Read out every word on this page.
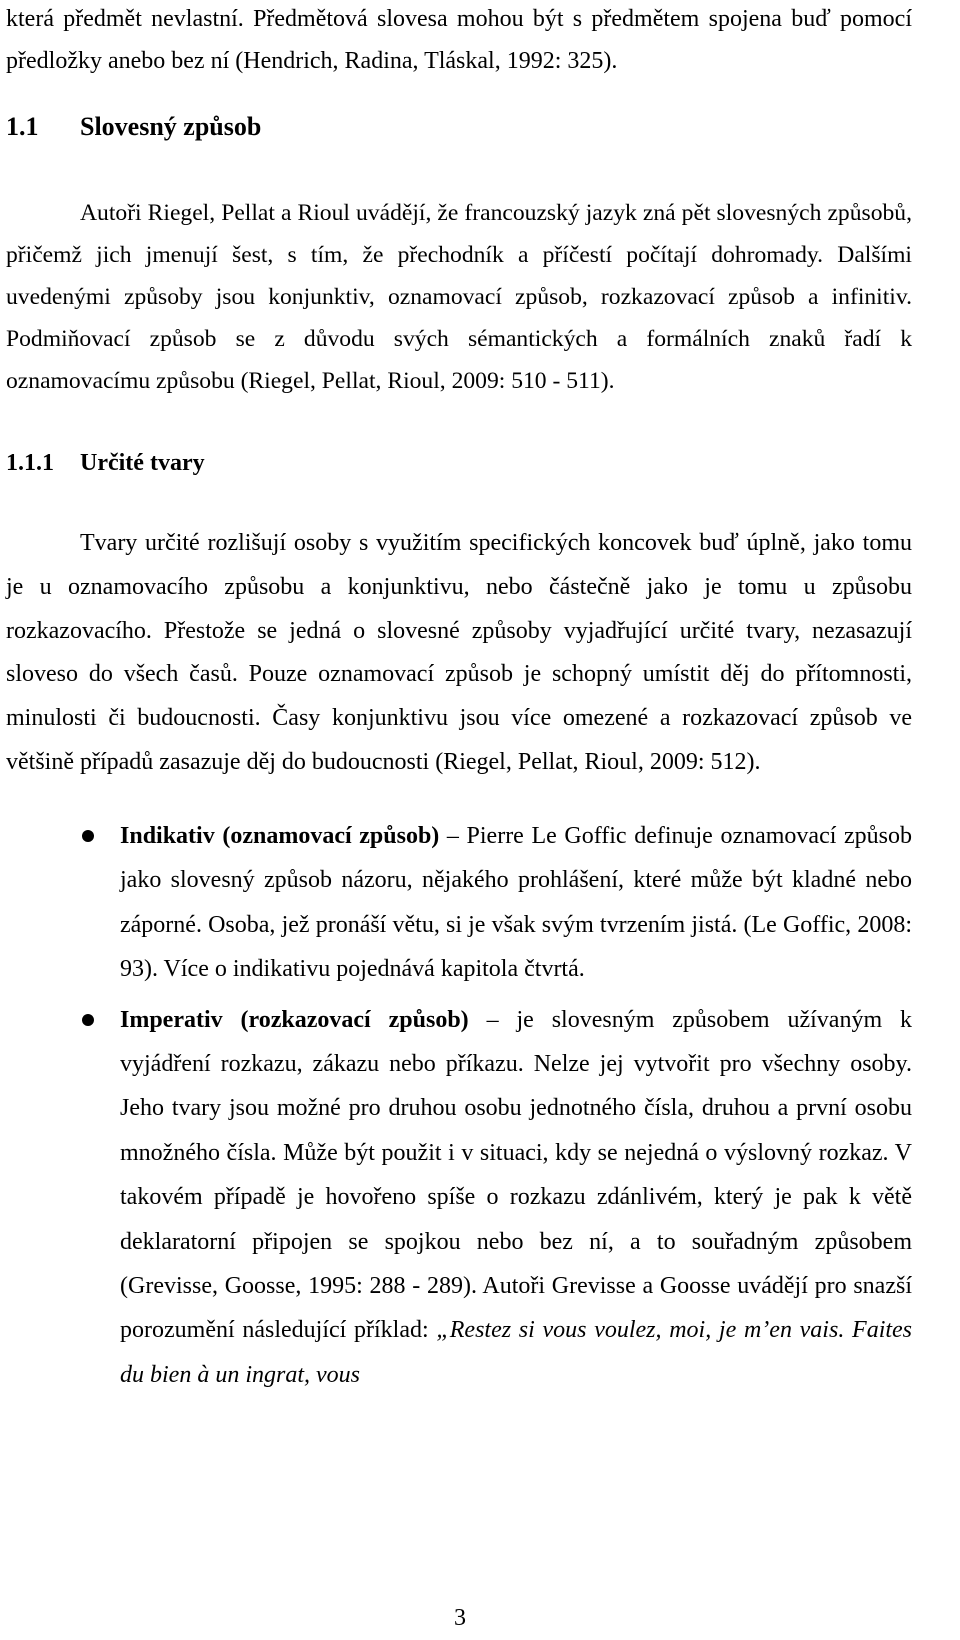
která předmět nevlastní. Předmětová slovesa mohou být s předmětem spojena buď pomocí předložky anebo bez ní (Hendrich, Radina, Tláskal, 1992: 325).

1.1 Slovesný způsob

Autoři Riegel, Pellat a Rioul uvádějí, že francouzský jazyk zná pět slovesných způsobů, přičemž jich jmenují šest, s tím, že přechodník a příčestí počítají dohromady. Dalšími uvedenými způsoby jsou konjunktiv, oznamovací způsob, rozkazovací způsob a infinitiv. Podmiňovací způsob se z důvodu svých sémantických a formálních znaků řadí k oznamovacímu způsobu (Riegel, Pellat, Rioul, 2009: 510 - 511).

1.1.1 Určité tvary

Tvary určité rozlišují osoby s využitím specifických koncovek buď úplně, jako tomu je u oznamovacího způsobu a konjunktivu, nebo částečně jako je tomu u způsobu rozkazovacího. Přestože se jedná o slovesné způsoby vyjadřující určité tvary, nezasazují sloveso do všech časů. Pouze oznamovací způsob je schopný umístit děj do přítomnosti, minulosti či budoucnosti. Časy konjunktivu jsou více omezené a rozkazovací způsob ve většině případů zasazuje děj do budoucnosti (Riegel, Pellat, Rioul, 2009: 512).

Indikativ (oznamovací způsob) – Pierre Le Goffic definuje oznamovací způsob jako slovesný způsob názoru, nějakého prohlášení, které může být kladné nebo záporné. Osoba, jež pronáší větu, si je však svým tvrzením jistá. (Le Goffic, 2008: 93). Více o indikativu pojednává kapitola čtvrtá.
Imperativ (rozkazovací způsob) – je slovesným způsobem užívaným k vyjádření rozkazu, zákazu nebo příkazu. Nelze jej vytvořit pro všechny osoby. Jeho tvary jsou možné pro druhou osobu jednotného čísla, druhou a první osobu množného čísla. Může být použit i v situaci, kdy se nejedná o výslovný rozkaz. V takovém případě je hovořeno spíše o rozkazu zdánlivém, který je pak k větě deklaratorní připojen se spojkou nebo bez ní, a to souřadným způsobem (Grevisse, Goosse, 1995: 288 - 289). Autoři Grevisse a Goosse uvádějí pro snazší porozumění následující příklad: „Restez si vous voulez, moi, je m’en vais. Faites du bien à un ingrat, vous

3
